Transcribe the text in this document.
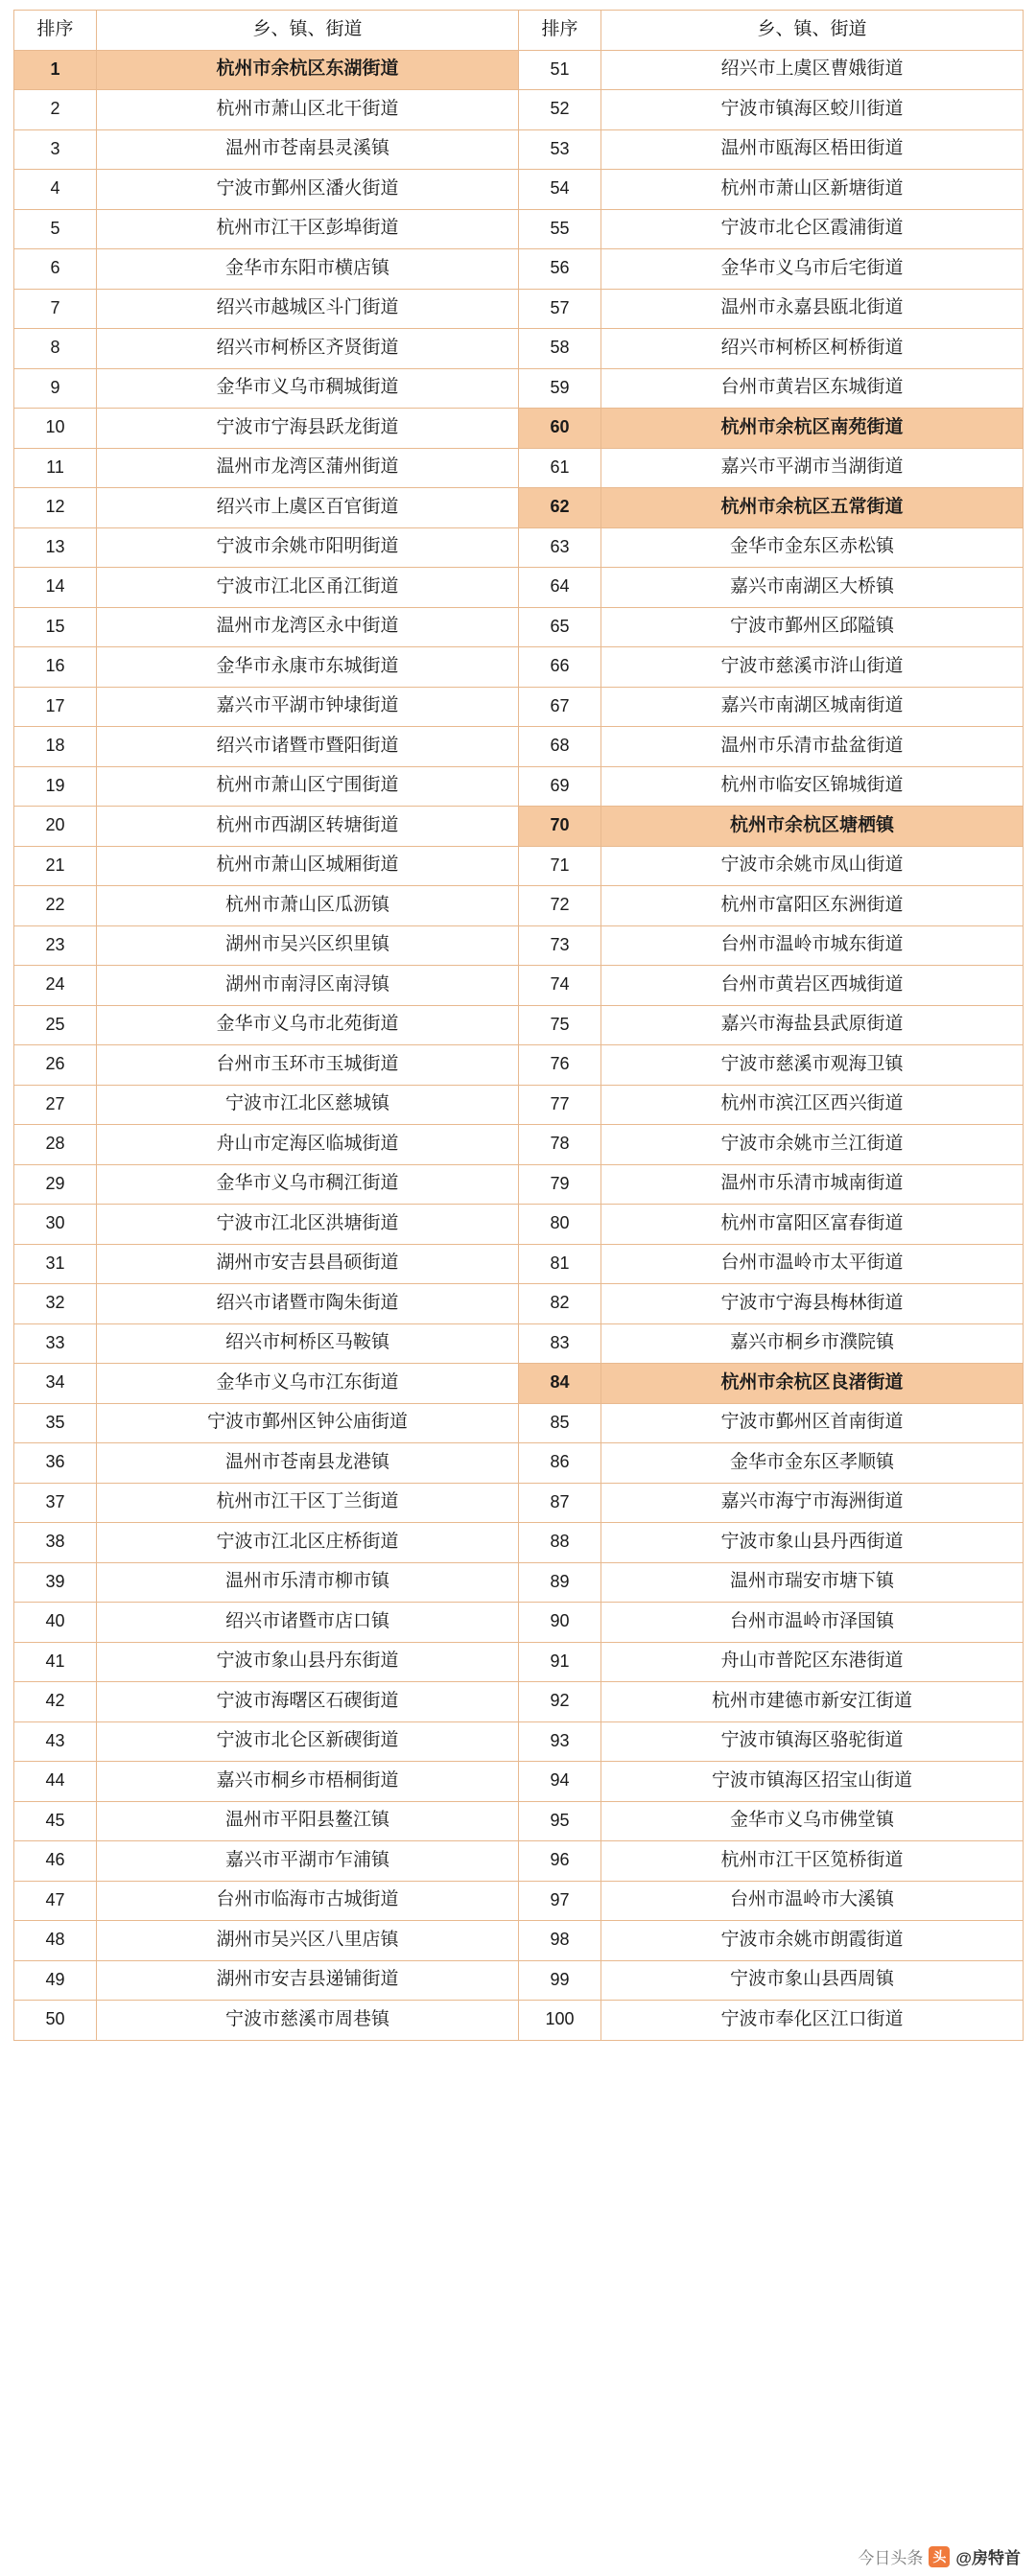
排序	乡、镇、街道	排序	乡、镇、街道
1	杭州市余杭区东湖街道	51	绍兴市上虞区曹娥街道
2	杭州市萧山区北干街道	52	宁波市镇海区蛟川街道
3	温州市苍南县灵溪镇	53	温州市瓯海区梧田街道
4	宁波市鄞州区潘火街道	54	杭州市萧山区新塘街道
5	杭州市江干区彭埠街道	55	宁波市北仑区霞浦街道
6	金华市东阳市横店镇	56	金华市义乌市后宅街道
7	绍兴市越城区斗门街道	57	温州市永嘉县瓯北街道
8	绍兴市柯桥区齐贤街道	58	绍兴市柯桥区柯桥街道
9	金华市义乌市稠城街道	59	台州市黄岩区东城街道
10	宁波市宁海县跃龙街道	60	杭州市余杭区南苑街道
11	温州市龙湾区蒲州街道	61	嘉兴市平湖市当湖街道
12	绍兴市上虞区百官街道	62	杭州市余杭区五常街道
13	宁波市余姚市阳明街道	63	金华市金东区赤松镇
14	宁波市江北区甬江街道	64	嘉兴市南湖区大桥镇
15	温州市龙湾区永中街道	65	宁波市鄞州区邱隘镇
16	金华市永康市东城街道	66	宁波市慈溪市浒山街道
17	嘉兴市平湖市钟埭街道	67	嘉兴市南湖区城南街道
18	绍兴市诸暨市暨阳街道	68	温州市乐清市盐盆街道
19	杭州市萧山区宁围街道	69	杭州市临安区锦城街道
20	杭州市西湖区转塘街道	70	杭州市余杭区塘栖镇
21	杭州市萧山区城厢街道	71	宁波市余姚市凤山街道
22	杭州市萧山区瓜沥镇	72	杭州市富阳区东洲街道
23	湖州市吴兴区织里镇	73	台州市温岭市城东街道
24	湖州市南浔区南浔镇	74	台州市黄岩区西城街道
25	金华市义乌市北苑街道	75	嘉兴市海盐县武原街道
26	台州市玉环市玉城街道	76	宁波市慈溪市观海卫镇
27	宁波市江北区慈城镇	77	杭州市滨江区西兴街道
28	舟山市定海区临城街道	78	宁波市余姚市兰江街道
29	金华市义乌市稠江街道	79	温州市乐清市城南街道
30	宁波市江北区洪塘街道	80	杭州市富阳区富春街道
31	湖州市安吉县昌硕街道	81	台州市温岭市太平街道
32	绍兴市诸暨市陶朱街道	82	宁波市宁海县梅林街道
33	绍兴市柯桥区马鞍镇	83	嘉兴市桐乡市濮院镇
34	金华市义乌市江东街道	84	杭州市余杭区良渚街道
35	宁波市鄞州区钟公庙街道	85	宁波市鄞州区首南街道
36	温州市苍南县龙港镇	86	金华市金东区孝顺镇
37	杭州市江干区丁兰街道	87	嘉兴市海宁市海洲街道
38	宁波市江北区庄桥街道	88	宁波市象山县丹西街道
39	温州市乐清市柳市镇	89	温州市瑞安市塘下镇
40	绍兴市诸暨市店口镇	90	台州市温岭市泽国镇
41	宁波市象山县丹东街道	91	舟山市普陀区东港街道
42	宁波市海曙区石碶街道	92	杭州市建德市新安江街道
43	宁波市北仑区新碶街道	93	宁波市镇海区骆驼街道
44	嘉兴市桐乡市梧桐街道	94	宁波市镇海区招宝山街道
45	温州市平阳县鳌江镇	95	金华市义乌市佛堂镇
46	嘉兴市平湖市乍浦镇	96	杭州市江干区笕桥街道
47	台州市临海市古城街道	97	台州市温岭市大溪镇
48	湖州市吴兴区八里店镇	98	宁波市余姚市朗霞街道
49	湖州市安吉县递铺街道	99	宁波市象山县西周镇
50	宁波市慈溪市周巷镇	100	宁波市奉化区江口街道
今日头条 头 @房特首
